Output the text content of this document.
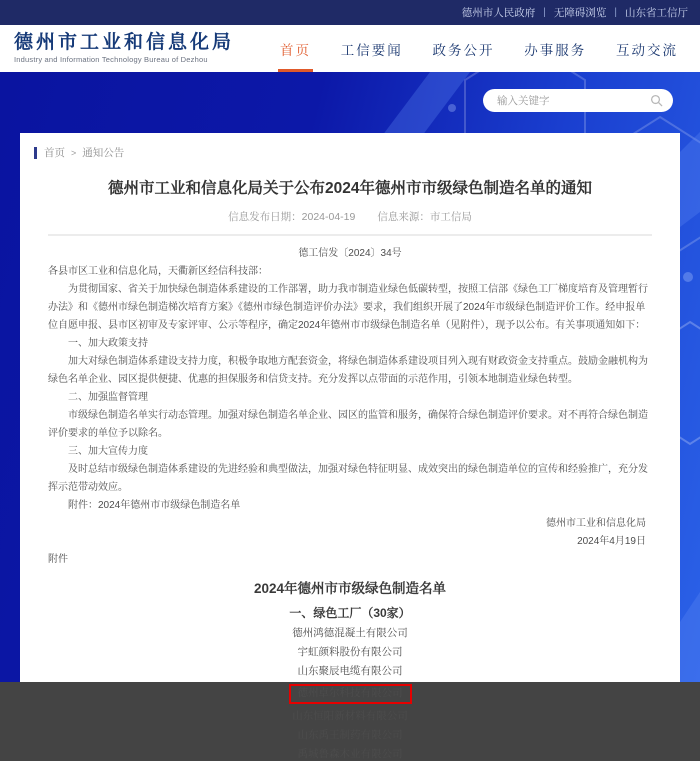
德州市人民政府 | 无障碍浏览 | 山东省工信厅
德州市工业和信息化局
Industry and Information Technology Bureau of Dezhou
首页 工信要闻 政务公开 办事服务 互动交流
输入关键字
首页 > 通知公告
德州市工业和信息化局关于公布2024年德州市市级绿色制造名单的通知
信息发布日期：2024-04-19 信息来源：市工信局

德工信发〔2024〕34号

各县市区工业和信息化局，天衢新区经信科技部：

为贯彻国家、省关于加快绿色制造体系建设的工作部署，助力我市制造业绿色低碳转型，按照工信部《绿色工厂梯度培育及管理暂行办法》和《德州市绿色制造梯次培育方案》《德州市绿色制造评价办法》要求，我们组织开展了2024年市级绿色制造评价工作。经申报单位自愿申报、县市区初审及专家评审、公示等程序，确定2024年德州市市级绿色制造名单（见附件），现予以公布。有关事项通知如下：

一、加大政策支持

加大对绿色制造体系建设支持力度，积极争取地方配套资金，将绿色制造体系建设项目列入现有财政资金支持重点。鼓励金融机构为绿色名单企业、园区提供便捷、优惠的担保服务和信贷支持。充分发挥以点带面的示范作用，引领本地制造业绿色转型。

二、加强监督管理

市级绿色制造名单实行动态管理。加强对绿色制造名单企业、园区的监管和服务，确保符合绿色制造评价要求。对不再符合绿色制造评价要求的单位予以除名。

三、加大宣传力度

及时总结市级绿色制造体系建设的先进经验和典型做法，加强对绿色特征明显、成效突出的绿色制造单位的宣传和经验推广，充分发挥示范带动效应。

附件：2024年德州市市级绿色制造名单

德州市工业和信息化局

2024年4月19日

附件

2024年德州市市级绿色制造名单
一、绿色工厂（30家）
德州鸿德混凝土有限公司
宇虹颜料股份有限公司
山东聚辰电缆有限公司
德州卓尔科技有限公司
山东恒阳新材料有限公司
山东禹王制药有限公司
禹城鲁森木业有限公司
